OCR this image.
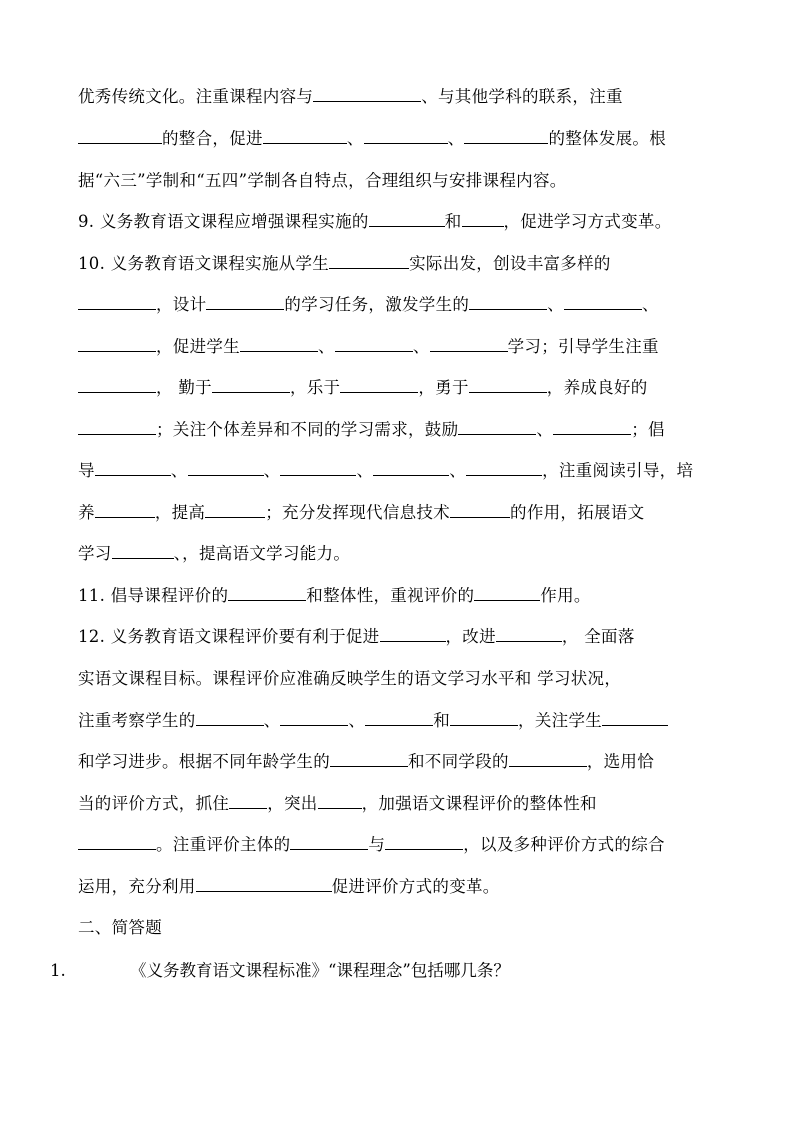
优秀传统文化。注重课程内容与	、与其他学科的联系，注重
的整合，促进	、	、	的整体发展。根
据“六三”学制和“五四”学制各自特点，合理组织与安排课程内容。
9. 义务教育语文课程应增强课程实施的	和	，促进学习方式变革。
10. 义务教育语文课程实施从学生	实际出发，创设丰富多样的
，设计	的学习任务，激发学生的	、	、
，促进学生	、	、	学习；引导学生注重
， 勤于	，乐于	，勇于	，养成良好的
；关注个体差异和不同的学习需求，鼓励	、	；倡
导	、	、	、	、	，注重阅读引导，培
养	，提高	；充分发挥现代信息技术	的作用，拓展语文
学习	、，提高语文学习能力。
11. 倡导课程评价的	和整体性，重视评价的	作用。
12. 义务教育语文课程评价要有利于促进	，改进	， 全面落
实语文课程目标。课程评价应准确反映学生的语文学习水平和 学习状况，
注重考察学生的	、	、	和	，关注学生
和学习进步。根据不同年龄学生的	和不同学段的	，选用恰
当的评价方式，抓住 ，突出	，加强语文课程评价的整体性和
。注重评价主体的	与	，以及多种评价方式的综合
运用，充分利用	促进评价方式的变革。
二、简答题
1.	《义务教育语文课程标准》“课程理念”包括哪几条？
